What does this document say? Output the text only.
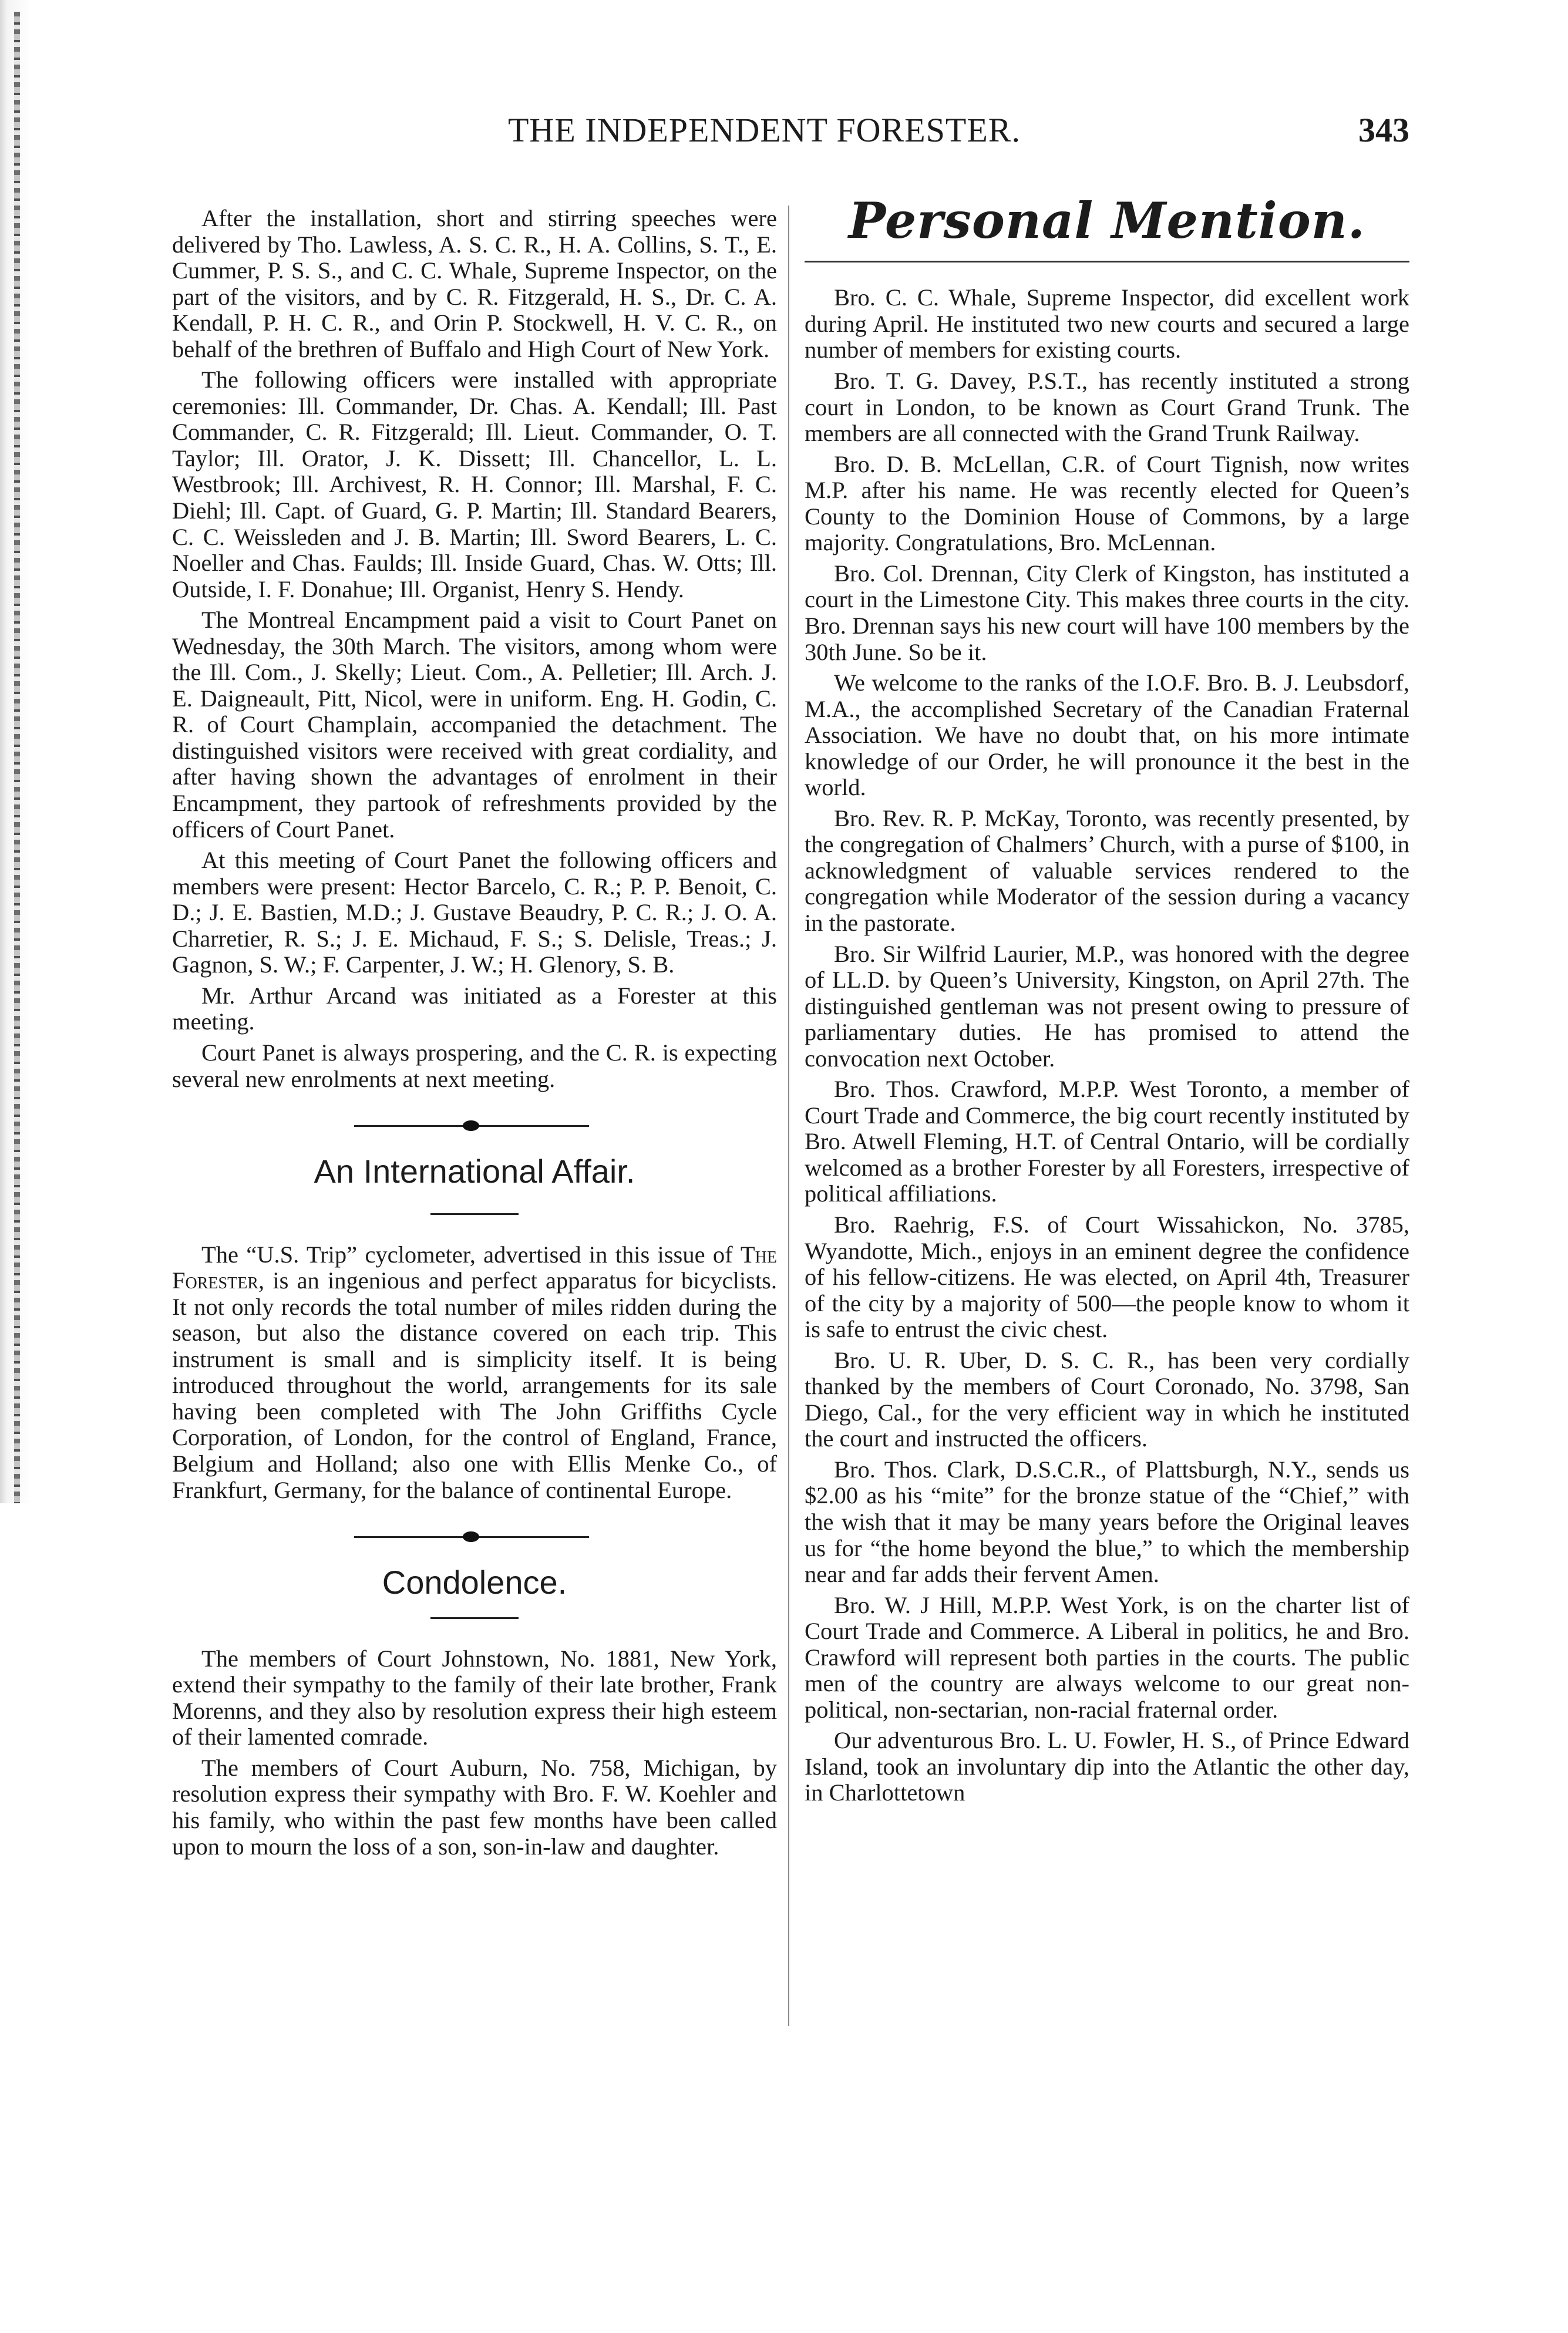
THE INDEPENDENT FORESTER.	343

After the installation, short and stirring speeches were delivered by Tho. Lawless, A. S. C. R., H. A. Collins, S. T., E. Cummer, P. S. S., and C. C. Whale, Supreme Inspector, on the part of the visitors, and by C. R. Fitzgerald, H. S., Dr. C. A. Kendall, P. H. C. R., and Orin P. Stockwell, H. V. C. R., on behalf of the brethren of Buffalo and High Court of New York.

The following officers were installed with appropriate ceremonies: Ill. Commander, Dr. Chas. A. Kendall; Ill. Past Commander, C. R. Fitzgerald; Ill. Lieut. Commander, O. T. Taylor; Ill. Orator, J. K. Dissett; Ill. Chancellor, L. L. Westbrook; Ill. Archivest, R. H. Connor; Ill. Marshal, F. C. Diehl; Ill. Capt. of Guard, G. P. Martin; Ill. Standard Bearers, C. C. Weissleden and J. B. Martin; Ill. Sword Bearers, L. C. Noeller and Chas. Faulds; Ill. Inside Guard, Chas. W. Otts; Ill. Outside, I. F. Donahue; Ill. Organist, Henry S. Hendy.

The Montreal Encampment paid a visit to Court Panet on Wednesday, the 30th March. The visitors, among whom were the Ill. Com., J. Skelly; Lieut. Com., A. Pelletier; Ill. Arch. J. E. Daigneault, Pitt, Nicol, were in uniform. Eng. H. Godin, C. R. of Court Champlain, accompanied the detachment. The distinguished visitors were received with great cordiality, and after having shown the advantages of enrolment in their Encampment, they partook of refreshments provided by the officers of Court Panet.

At this meeting of Court Panet the following officers and members were present: Hector Barcelo, C. R.; P. P. Benoit, C. D.; J. E. Bastien, M.D.; J. Gustave Beaudry, P. C. R.; J. O. A. Charretier, R. S.; J. E. Michaud, F. S.; S. Delisle, Treas.; J. Gagnon, S. W.; F. Carpenter, J. W.; H. Glenory, S. B.

Mr. Arthur Arcand was initiated as a Forester at this meeting.

Court Panet is always prospering, and the C. R. is expecting several new enrolments at next meeting.

An International Affair.

The “U.S. Trip” cyclometer, advertised in this issue of The Forester, is an ingenious and perfect apparatus for bicyclists. It not only records the total number of miles ridden during the season, but also the distance covered on each trip. This instrument is small and is simplicity itself. It is being introduced throughout the world, arrangements for its sale having been completed with The John Griffiths Cycle Corporation, of London, for the control of England, France, Belgium and Holland; also one with Ellis Menke Co., of Frankfurt, Germany, for the balance of continental Europe.

Condolence.

The members of Court Johnstown, No. 1881, New York, extend their sympathy to the family of their late brother, Frank Morenns, and they also by resolution express their high esteem of their lamented comrade.

The members of Court Auburn, No. 758, Michigan, by resolution express their sympathy with Bro. F. W. Koehler and his family, who within the past few months have been called upon to mourn the loss of a son, son-in-law and daughter.

Personal Mention.

Bro. C. C. Whale, Supreme Inspector, did excellent work during April. He instituted two new courts and secured a large number of members for existing courts.

Bro. T. G. Davey, P.S.T., has recently instituted a strong court in London, to be known as Court Grand Trunk. The members are all connected with the Grand Trunk Railway.

Bro. D. B. McLellan, C.R. of Court Tignish, now writes M.P. after his name. He was recently elected for Queen’s County to the Dominion House of Commons, by a large majority. Congratulations, Bro. McLennan.

Bro. Col. Drennan, City Clerk of Kingston, has instituted a court in the Limestone City. This makes three courts in the city. Bro. Drennan says his new court will have 100 members by the 30th June. So be it.

We welcome to the ranks of the I.O.F. Bro. B. J. Leubsdorf, M.A., the accomplished Secretary of the Canadian Fraternal Association. We have no doubt that, on his more intimate knowledge of our Order, he will pronounce it the best in the world.

Bro. Rev. R. P. McKay, Toronto, was recently presented, by the congregation of Chalmers’ Church, with a purse of $100, in acknowledgment of valuable services rendered to the congregation while Moderator of the session during a vacancy in the pastorate.

Bro. Sir Wilfrid Laurier, M.P., was honored with the degree of LL.D. by Queen’s University, Kingston, on April 27th. The distinguished gentleman was not present owing to pressure of parliamentary duties. He has promised to attend the convocation next October.

Bro. Thos. Crawford, M.P.P. West Toronto, a member of Court Trade and Commerce, the big court recently instituted by Bro. Atwell Fleming, H.T. of Central Ontario, will be cordially welcomed as a brother Forester by all Foresters, irrespective of political affiliations.

Bro. Raehrig, F.S. of Court Wissahickon, No. 3785, Wyandotte, Mich., enjoys in an eminent degree the confidence of his fellow-citizens. He was elected, on April 4th, Treasurer of the city by a majority of 500—the people know to whom it is safe to entrust the civic chest.

Bro. U. R. Uber, D. S. C. R., has been very cordially thanked by the members of Court Coronado, No. 3798, San Diego, Cal., for the very efficient way in which he instituted the court and instructed the officers.

Bro. Thos. Clark, D.S.C.R., of Plattsburgh, N.Y., sends us $2.00 as his “mite” for the bronze statue of the “Chief,” with the wish that it may be many years before the Original leaves us for “the home beyond the blue,” to which the membership near and far adds their fervent Amen.

Bro. W. J Hill, M.P.P. West York, is on the charter list of Court Trade and Commerce. A Liberal in politics, he and Bro. Crawford will represent both parties in the courts. The public men of the country are always welcome to our great non-political, non-sectarian, non-racial fraternal order.

Our adventurous Bro. L. U. Fowler, H. S., of Prince Edward Island, took an involuntary dip into the Atlantic the other day, in Charlottetown
